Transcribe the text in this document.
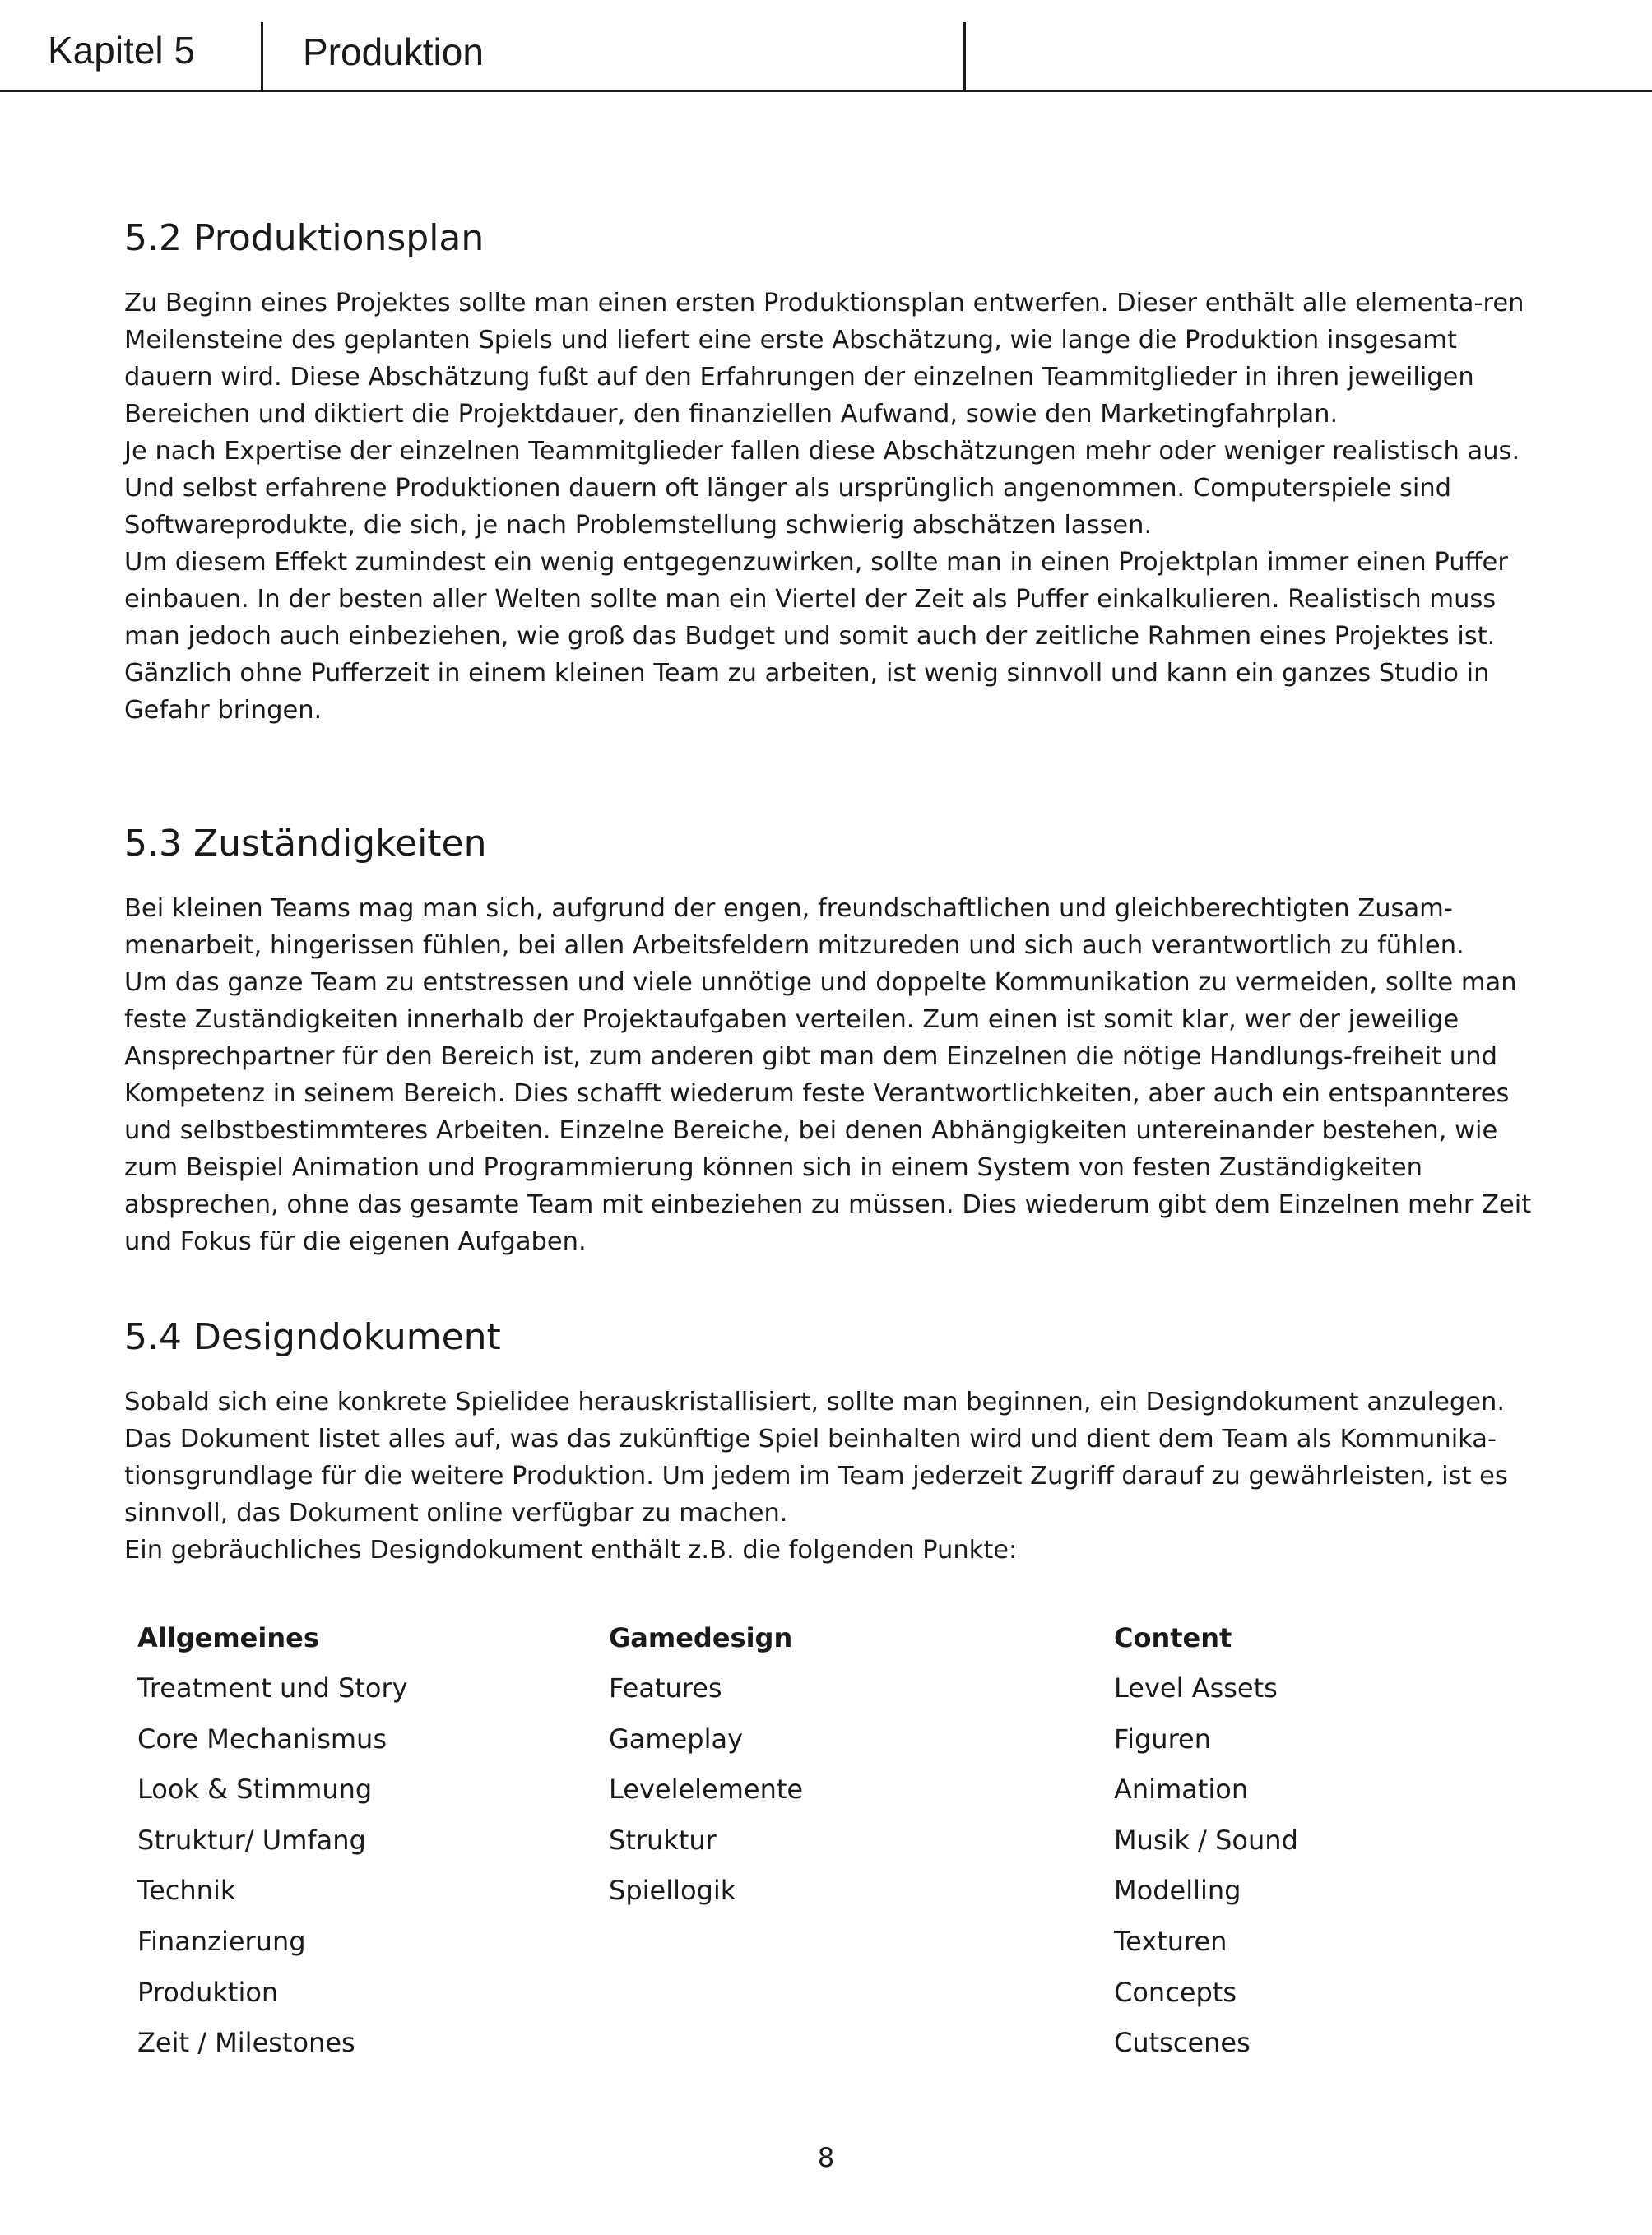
Kapitel 5	Produktion
5.2 Produktionsplan

Zu Beginn eines Projektes sollte man einen ersten Produktionsplan entwerfen. Dieser enthält alle elementa-ren Meilensteine des geplanten Spiels und liefert eine erste Abschätzung, wie lange die Produktion insgesamt dauern wird. Diese Abschätzung fußt auf den Erfahrungen der einzelnen Teammitglieder in ihren jeweiligen Bereichen und diktiert die Projektdauer, den finanziellen Aufwand, sowie den Marketingfahrplan.

Je nach Expertise der einzelnen Teammitglieder fallen diese Abschätzungen mehr oder weniger realistisch aus. Und selbst erfahrene Produktionen dauern oft länger als ursprünglich angenommen. Computerspiele sind Softwareprodukte, die sich, je nach Problemstellung schwierig abschätzen lassen.

Um diesem Effekt zumindest ein wenig entgegenzuwirken, sollte man in einen Projektplan immer einen Puffer einbauen. In der besten aller Welten sollte man ein Viertel der Zeit als Puffer einkalkulieren. Realistisch muss man jedoch auch einbeziehen, wie groß das Budget und somit auch der zeitliche Rahmen eines Projektes ist. Gänzlich ohne Pufferzeit in einem kleinen Team zu arbeiten, ist wenig sinnvoll und kann ein ganzes Studio in Gefahr bringen.

5.3 Zuständigkeiten

Bei kleinen Teams mag man sich, aufgrund der engen, freundschaftlichen und gleichberechtigten Zusam-menarbeit, hingerissen fühlen, bei allen Arbeitsfeldern mitzureden und sich auch verantwortlich zu fühlen.

Um das ganze Team zu entstressen und viele unnötige und doppelte Kommunikation zu vermeiden, sollte man feste Zuständigkeiten innerhalb der Projektaufgaben verteilen. Zum einen ist somit klar, wer der jeweilige Ansprechpartner für den Bereich ist, zum anderen gibt man dem Einzelnen die nötige Handlungs-freiheit und Kompetenz in seinem Bereich. Dies schafft wiederum feste Verantwortlichkeiten, aber auch ein entspannteres und selbstbestimmteres Arbeiten. Einzelne Bereiche, bei denen Abhängigkeiten untereinander bestehen, wie zum Beispiel Animation und Programmierung können sich in einem System von festen Zuständigkeiten absprechen, ohne das gesamte Team mit einbeziehen zu müssen. Dies wiederum gibt dem Einzelnen mehr Zeit und Fokus für die eigenen Aufgaben.

5.4 Designdokument

Sobald sich eine konkrete Spielidee herauskristallisiert, sollte man beginnen, ein Designdokument anzulegen. Das Dokument listet alles auf, was das zukünftige Spiel beinhalten wird und dient dem Team als Kommunika-tionsgrundlage für die weitere Produktion. Um jedem im Team jederzeit Zugriff darauf zu gewährleisten, ist es sinnvoll, das Dokument online verfügbar zu machen.

Ein gebräuchliches Designdokument enthält z.B. die folgenden Punkte:

Allgemeines
Treatment und Story
Core Mechanismus
Look & Stimmung
Struktur/ Umfang
Technik
Finanzierung
Produktion
Zeit / Milestones
Gamedesign
Features
Gameplay
Levelelemente
Struktur
Spiellogik
Content
Level Assets
Figuren
Animation
Musik / Sound
Modelling
Texturen
Concepts
Cutscenes
8
